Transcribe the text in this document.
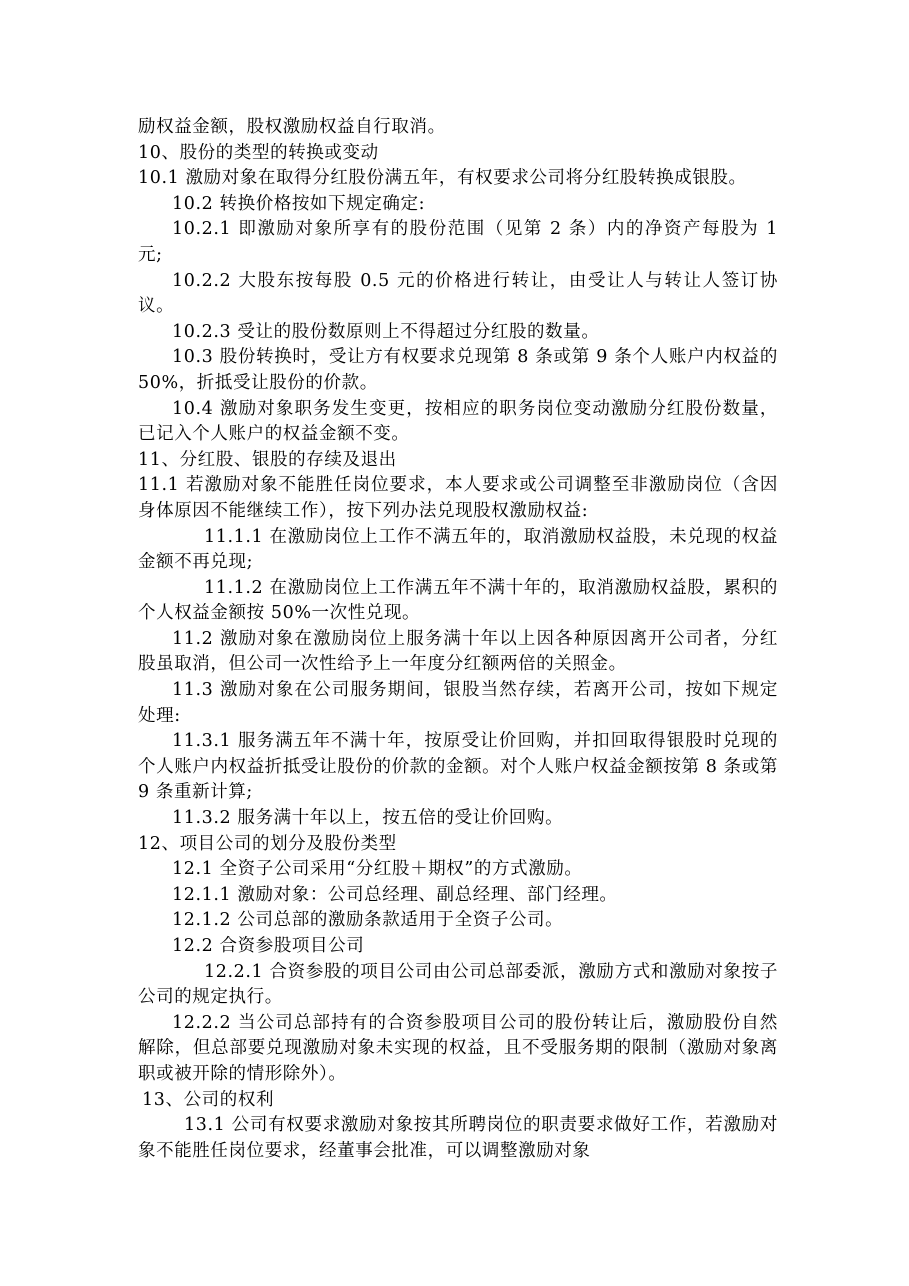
励权益金额，股权激励权益自行取消。

10、股份的类型的转换或变动

10.1 激励对象在取得分红股份满五年，有权要求公司将分红股转换成银股。

10.2 转换价格按如下规定确定:

10.2.1 即激励对象所享有的股份范围（见第 2 条）内的净资产每股为 1 元;

10.2.2 大股东按每股 0.5 元的价格进行转让，由受让人与转让人签订协议。

10.2.3 受让的股份数原则上不得超过分红股的数量。

10.3 股份转换时，受让方有权要求兑现第 8 条或第 9 条个人账户内权益的 50%，折抵受让股份的价款。

10.4 激励对象职务发生变更，按相应的职务岗位变动激励分红股份数量，已记入个人账户的权益金额不变。

11、分红股、银股的存续及退出

11.1 若激励对象不能胜任岗位要求，本人要求或公司调整至非激励岗位（含因身体原因不能继续工作），按下列办法兑现股权激励权益:

11.1.1 在激励岗位上工作不满五年的，取消激励权益股，未兑现的权益金额不再兑现;

11.1.2 在激励岗位上工作满五年不满十年的，取消激励权益股，累积的个人权益金额按 50%一次性兑现。

11.2 激励对象在激励岗位上服务满十年以上因各种原因离开公司者，分红股虽取消，但公司一次性给予上一年度分红额两倍的关照金。

11.3 激励对象在公司服务期间，银股当然存续，若离开公司，按如下规定处理:

11.3.1 服务满五年不满十年，按原受让价回购，并扣回取得银股时兑现的个人账户内权益折抵受让股份的价款的金额。对个人账户权益金额按第 8 条或第 9 条重新计算;

11.3.2 服务满十年以上，按五倍的受让价回购。

12、项目公司的划分及股份类型

12.1 全资子公司采用“分红股＋期权”的方式激励。

12.1.1 激励对象：公司总经理、副总经理、部门经理。

12.1.2 公司总部的激励条款适用于全资子公司。

12.2 合资参股项目公司

12.2.1 合资参股的项目公司由公司总部委派，激励方式和激励对象按子公司的规定执行。

12.2.2 当公司总部持有的合资参股项目公司的股份转让后，激励股份自然解除，但总部要兑现激励对象未实现的权益，且不受服务期的限制（激励对象离职或被开除的情形除外）。

13、公司的权利

13.1 公司有权要求激励对象按其所聘岗位的职责要求做好工作，若激励对象不能胜任岗位要求，经董事会批准，可以调整激励对象
